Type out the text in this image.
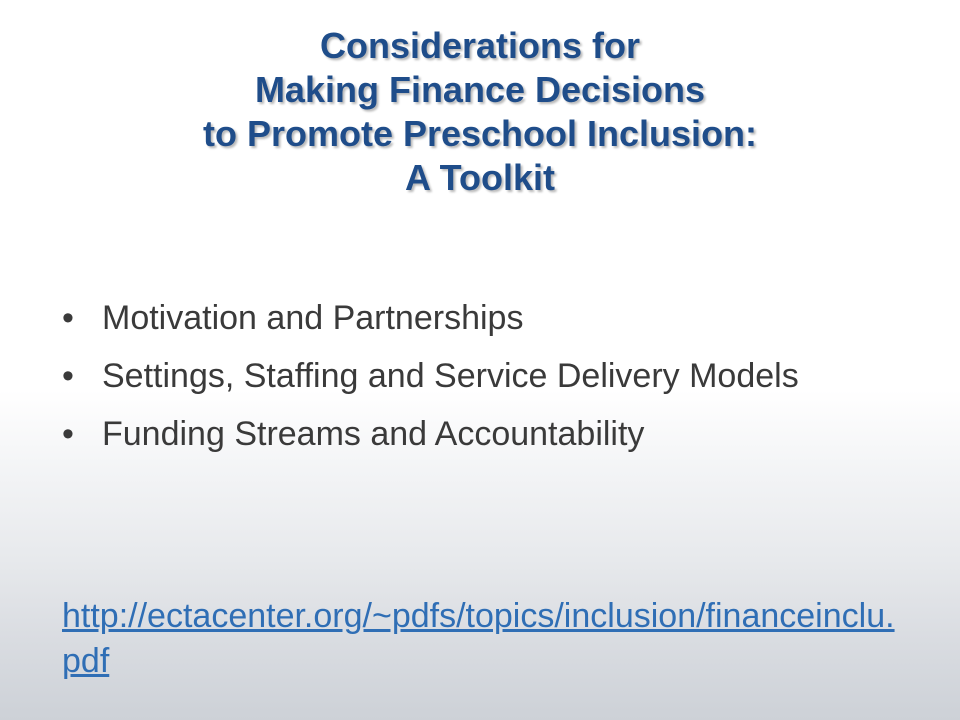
Considerations for
Making Finance Decisions
to Promote Preschool Inclusion:
A Toolkit
• Motivation and Partnerships
• Settings, Staffing and Service Delivery Models
• Funding Streams and Accountability
http://ectacenter.org/~pdfs/topics/inclusion/financeinclu.pdf
